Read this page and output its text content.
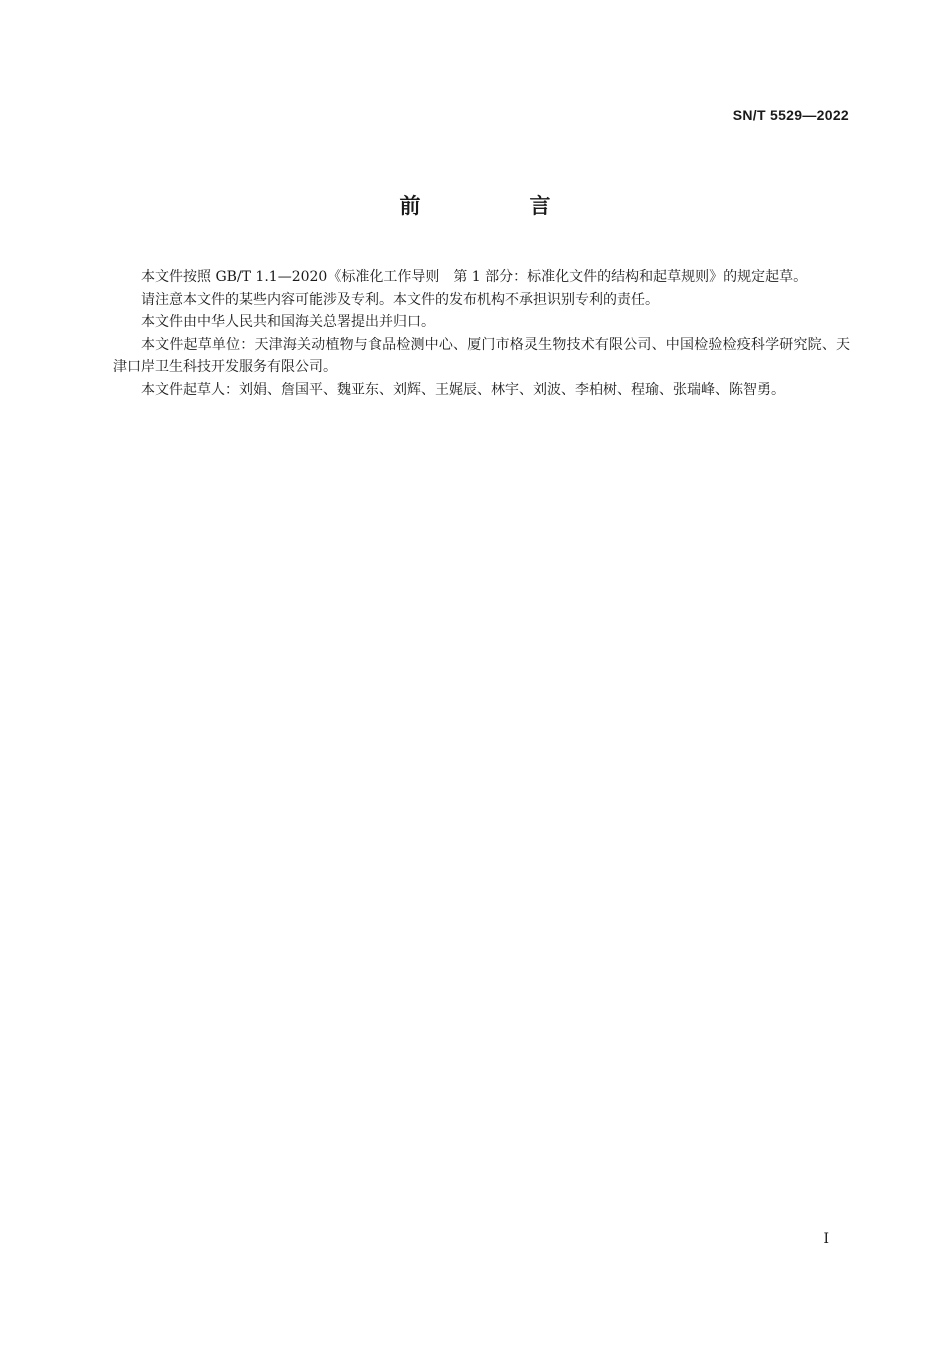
SN/T 5529—2022
前　言

本文件按照 GB/T 1.1—2020《标准化工作导则　第 1 部分：标准化文件的结构和起草规则》的规定起草。

请注意本文件的某些内容可能涉及专利。本文件的发布机构不承担识别专利的责任。

本文件由中华人民共和国海关总署提出并归口。

本文件起草单位：天津海关动植物与食品检测中心、厦门市格灵生物技术有限公司、中国检验检疫科学研究院、天津口岸卫生科技开发服务有限公司。

本文件起草人：刘娟、詹国平、魏亚东、刘辉、王娓辰、林宇、刘波、李柏树、程瑜、张瑞峰、陈智勇。

Ⅰ
